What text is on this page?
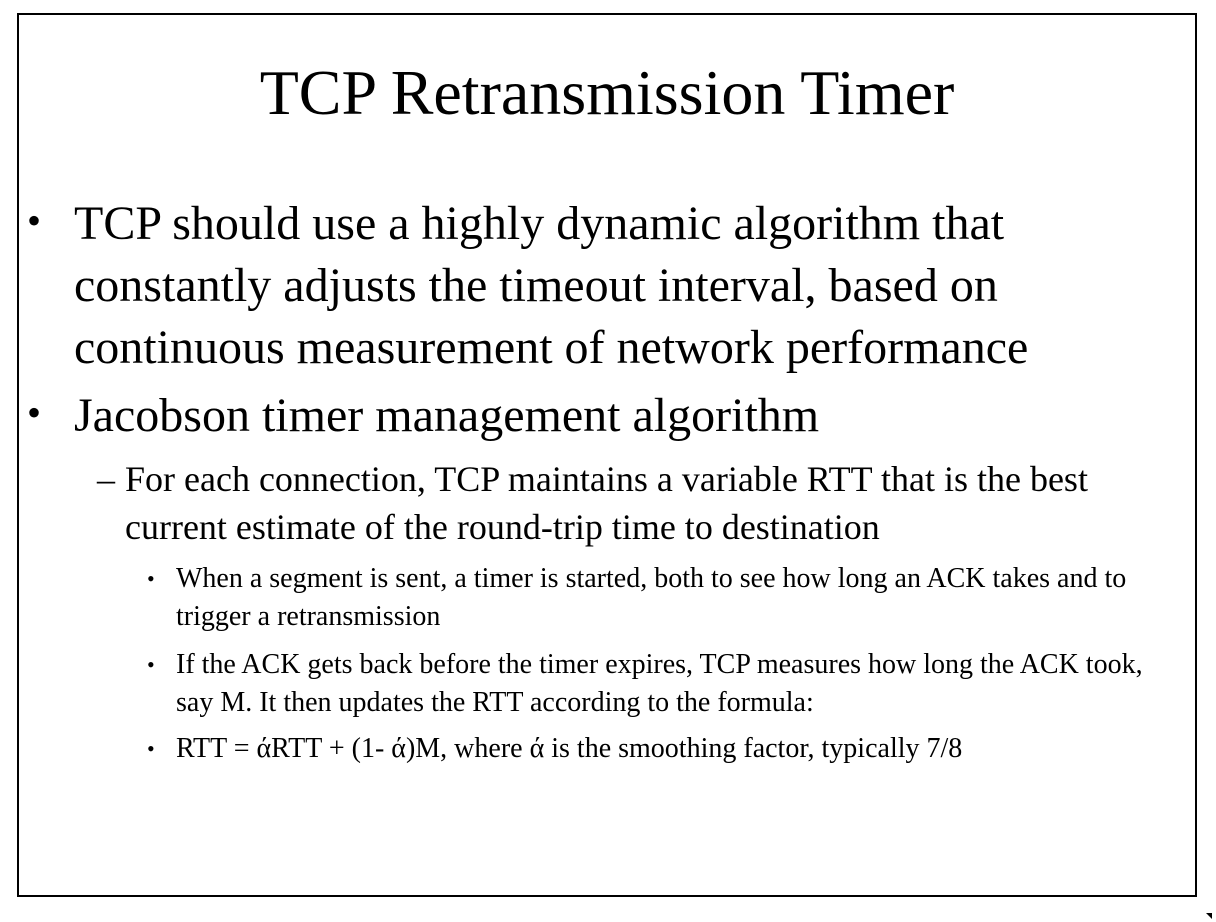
TCP Retransmission Timer
• TCP should use a highly dynamic algorithm that constantly adjusts the timeout interval, based on continuous measurement of network performance
• Jacobson timer management algorithm
– For each connection, TCP maintains a variable RTT that is the best current estimate of the round-trip time to destination
• When a segment is sent, a timer is started, both to see how long an ACK takes and to trigger a retransmission
• If the ACK gets back before the timer expires, TCP measures how long the ACK took, say M. It then updates the RTT according to the formula:
• RTT = άRTT + (1- ά)M, where ά is the smoothing factor, typically 7/8
